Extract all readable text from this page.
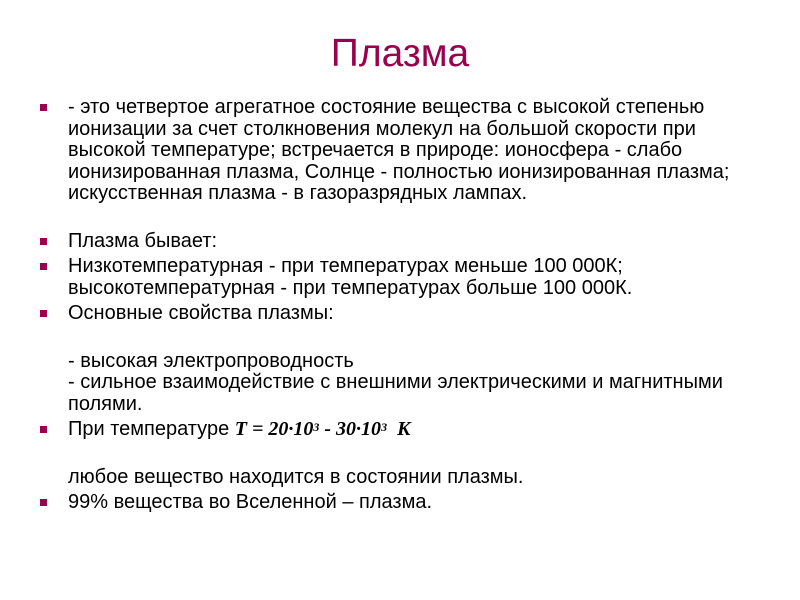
Плазма
- это четвертое агрегатное состояние вещества с высокой степенью ионизации за счет столкновения молекул на большой скорости при высокой температуре; встречается в природе: ионосфера - слабо ионизированная плазма, Солнце - полностью ионизированная плазма; искусственная плазма - в газоразрядных лампах.
Плазма бывает:
Низкотемпературная - при температурах меньше 100 000К; высокотемпературная - при температурах больше 100 000К.
Основные свойства плазмы:
- высокая электропроводность
- сильное взаимодействие с внешними электрическими и магнитными полями.
При температуре $T = 20\cdot 10^3 - 30\cdot 10^3$  K
любое вещество находится в состоянии плазмы.
99% вещества во Вселенной – плазма.
